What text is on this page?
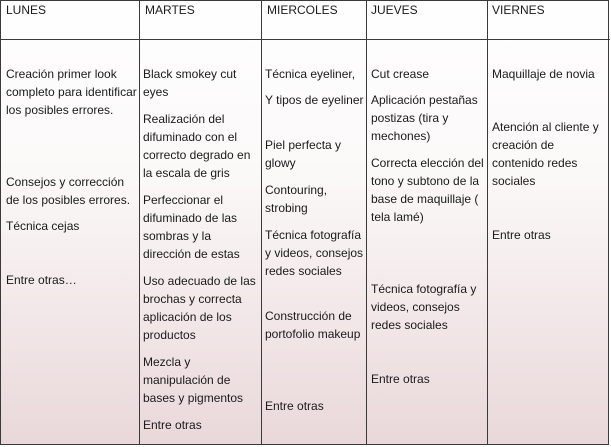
LUNES
Creación primer look completo para identificar los posibles errores.
Consejos y corrección de los posibles errores.
Técnica cejas
Entre otras…
MARTES
Black smokey cut eyes
Realización del difuminado con el correcto degrado en la escala de gris
Perfeccionar el difuminado de las sombras y la dirección de estas
Uso adecuado de las brochas y correcta aplicación de los productos
Mezcla y manipulación de bases y pigmentos
Entre otras
MIERCOLES
Técnica eyeliner,
Y tipos de eyeliner
Piel perfecta y glowy
Contouring, strobing
Técnica fotografía y videos, consejos redes sociales
Construcción de portofolio makeup
Entre otras
JUEVES
Cut crease
Aplicación pestañas postizas (tira y mechones)
Correcta elección del tono y subtono de la base de maquillaje ( tela lamé)
Técnica fotografía y videos, consejos redes sociales
Entre otras
VIERNES
Maquillaje de novia
Atención al cliente y creación de contenido redes sociales
Entre otras
